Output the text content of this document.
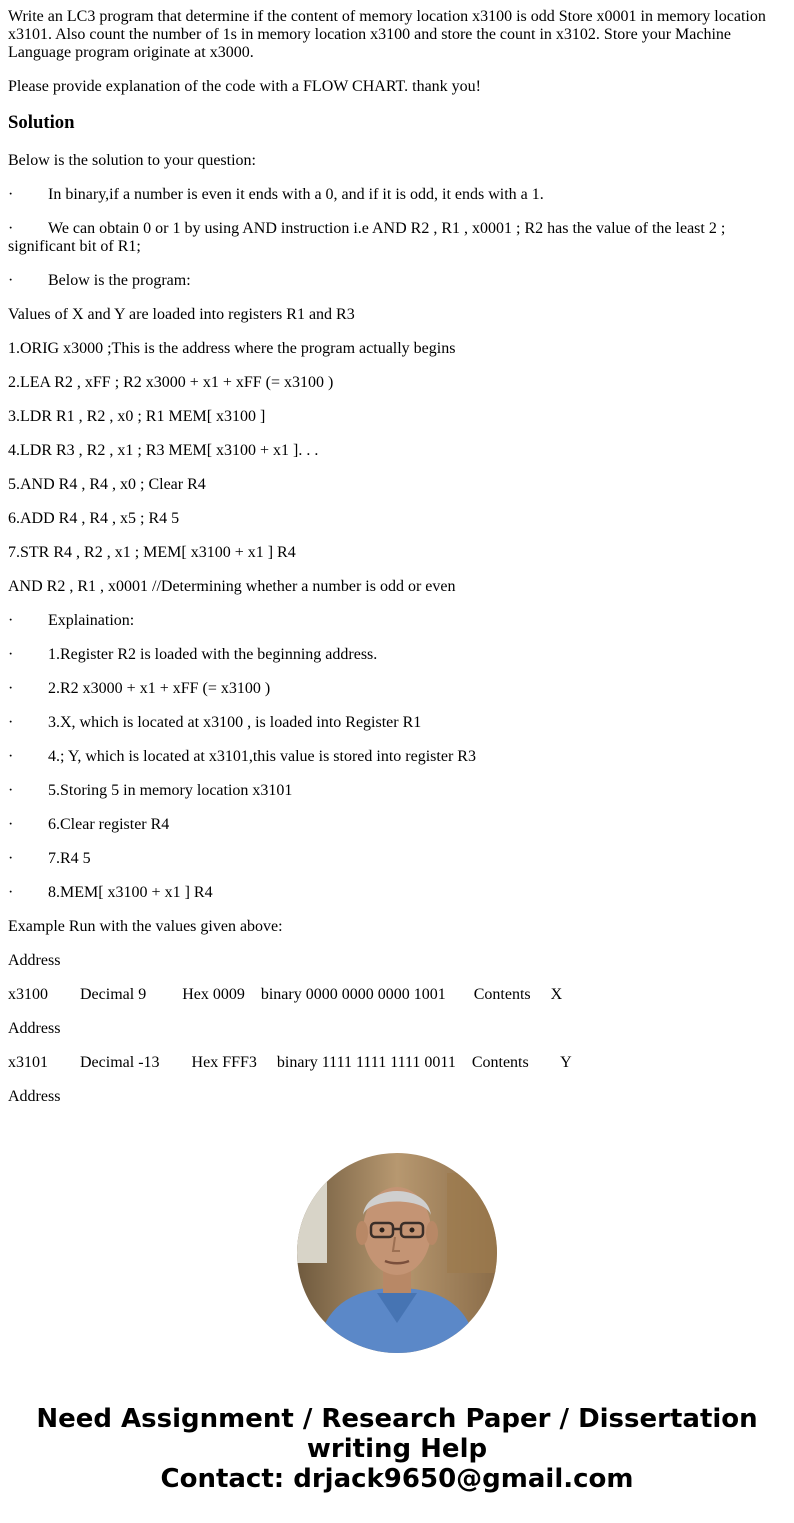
Write an LC3 program that determine if the content of memory location x3100 is odd Store x0001 in memory location x3101. Also count the number of 1s in memory location x3100 and store the count in x3102. Store your Machine Language program originate at x3000.

Please provide explanation of the code with a FLOW CHART. thank you!

Solution

Below is the solution to your question:

· In binary,if a number is even it ends with a 0, and if it is odd, it ends with a 1.

· We can obtain 0 or 1 by using AND instruction i.e AND R2 , R1 , x0001 ; R2 has the value of the least 2 ; significant bit of R1;

· Below is the program:

Values of X and Y are loaded into registers R1 and R3

1.ORIG x3000 ;This is the address where the program actually begins

2.LEA R2 , xFF ; R2 x3000 + x1 + xFF (= x3100 )

3.LDR R1 , R2 , x0 ; R1 MEM[ x3100 ]

4.LDR R3 , R2 , x1 ; R3 MEM[ x3100 + x1 ]. . .

5.AND R4 , R4 , x0 ; Clear R4

6.ADD R4 , R4 , x5 ; R4 5

7.STR R4 , R2 , x1 ; MEM[ x3100 + x1 ] R4

AND R2 , R1 , x0001 //Determining whether a number is odd or even

· Explaination:

· 1.Register R2 is loaded with the beginning address.

· 2.R2 x3000 + x1 + xFF (= x3100 )

· 3.X, which is located at x3100 , is loaded into Register R1

· 4.; Y, which is located at x3101,this value is stored into register R3

· 5.Storing 5 in memory location x3101

· 6.Clear register R4

· 7.R4 5

· 8.MEM[ x3100 + x1 ] R4

Example Run with the values given above:

Address

x3100 Decimal 9 Hex 0009 binary 0000 0000 0000 1001 Contents X

Address

x3101 Decimal -13 Hex FFF3 binary 1111 1111 1111 0011 Contents Y

Address

Need Assignment / Research Paper / Dissertation
writing Help
Contact: drjack9650@gmail.com
